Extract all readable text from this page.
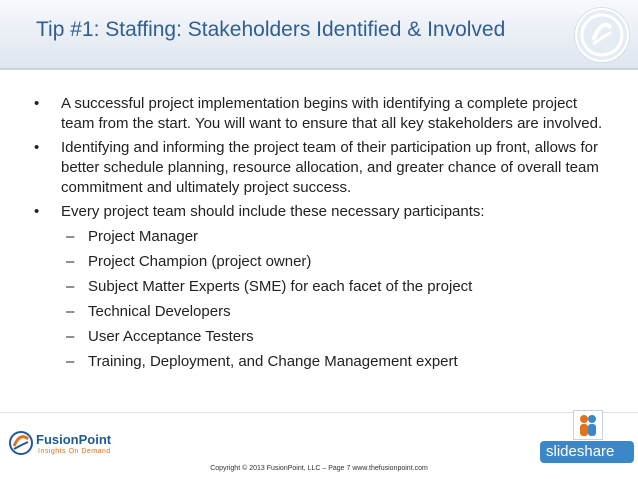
Tip #1: Staffing: Stakeholders Identified & Involved
• A successful project implementation begins with identifying a complete project team from the start. You will want to ensure that all key stakeholders are involved.
• Identifying and informing the project team of their participation up front, allows for better schedule planning, resource allocation, and greater chance of overall team commitment and ultimately project success.
• Every project team should include these necessary participants:
– Project Manager
– Project Champion (project owner)
– Subject Matter Experts (SME) for each facet of the project
– Technical Developers
– User Acceptance Testers
– Training, Deployment, and Change Management expert
FusionPoint
Insights On Demand
Copyright © 2013 FusionPoint, LLC – Page 7 www.thefusionpoint.com
slideshare
